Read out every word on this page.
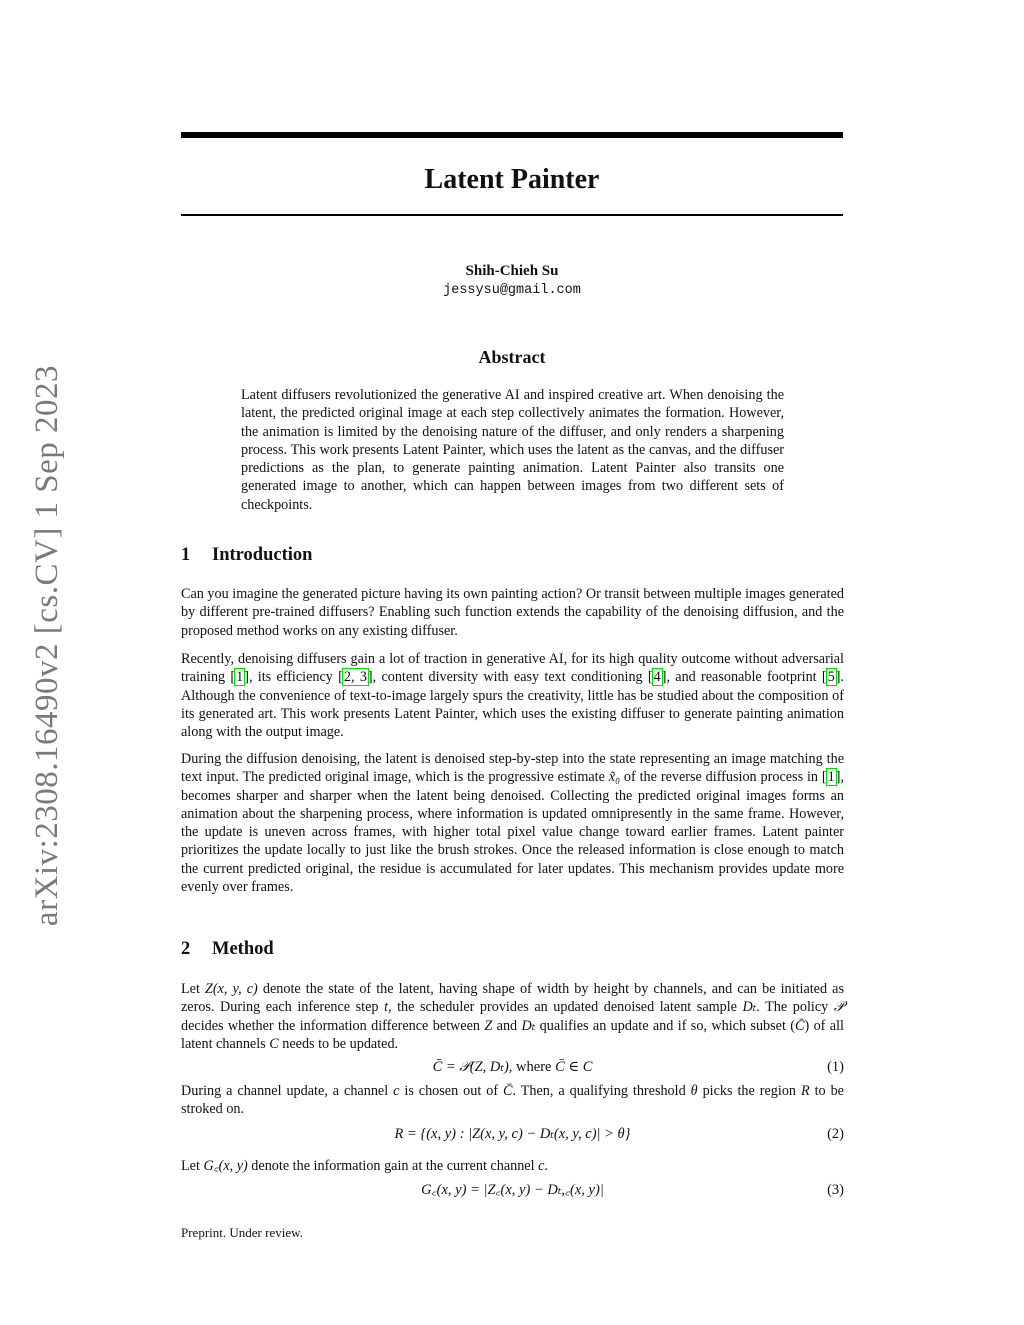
arXiv:2308.16490v2 [cs.CV] 1 Sep 2023
Latent Painter
Shih-Chieh Su
jessysu@gmail.com
Abstract

Latent diffusers revolutionized the generative AI and inspired creative art. When denoising the latent, the predicted original image at each step collectively animates the formation. However, the animation is limited by the denoising nature of the diffuser, and only renders a sharpening process. This work presents Latent Painter, which uses the latent as the canvas, and the diffuser predictions as the plan, to generate painting animation. Latent Painter also transits one generated image to another, which can happen between images from two different sets of checkpoints.

1 Introduction

Can you imagine the generated picture having its own painting action? Or transit between multiple images generated by different pre-trained diffusers? Enabling such function extends the capability of the denoising diffusion, and the proposed method works on any existing diffuser.

Recently, denoising diffusers gain a lot of traction in generative AI, for its high quality outcome without adversarial training [1], its efficiency [2, 3], content diversity with easy text conditioning [4], and reasonable footprint [5]. Although the convenience of text-to-image largely spurs the creativity, little has be studied about the composition of its generated art. This work presents Latent Painter, which uses the existing diffuser to generate painting animation along with the output image.

During the diffusion denoising, the latent is denoised step-by-step into the state representing an image matching the text input. The predicted original image, which is the progressive estimate x̃₀ of the reverse diffusion process in [1], becomes sharper and sharper when the latent being denoised. Collecting the predicted original images forms an animation about the sharpening process, where information is updated omnipresently in the same frame. However, the update is uneven across frames, with higher total pixel value change toward earlier frames. Latent painter prioritizes the update locally to just like the brush strokes. Once the released information is close enough to match the current predicted original, the residue is accumulated for later updates. This mechanism provides update more evenly over frames.

2 Method

Let Z(x, y, c) denote the state of the latent, having shape of width by height by channels, and can be initiated as zeros. During each inference step t, the scheduler provides an updated denoised latent sample Dₜ. The policy 𝒫 decides whether the information difference between Z and Dₜ qualifies an update and if so, which subset (C̄) of all latent channels C needs to be updated.

C̄ = 𝒫(Z, Dₜ), where C̄ ∈ C	(1)

During a channel update, a channel c is chosen out of C̄. Then, a qualifying threshold θ picks the region R to be stroked on.

R = {(x, y) : |Z(x, y, c) − Dₜ(x, y, c)| > θ}	(2)

Let G꜀(x, y) denote the information gain at the current channel c.

G꜀(x, y) = |Z꜀(x, y) − Dₜ,꜀(x, y)|	(3)
Preprint. Under review.
